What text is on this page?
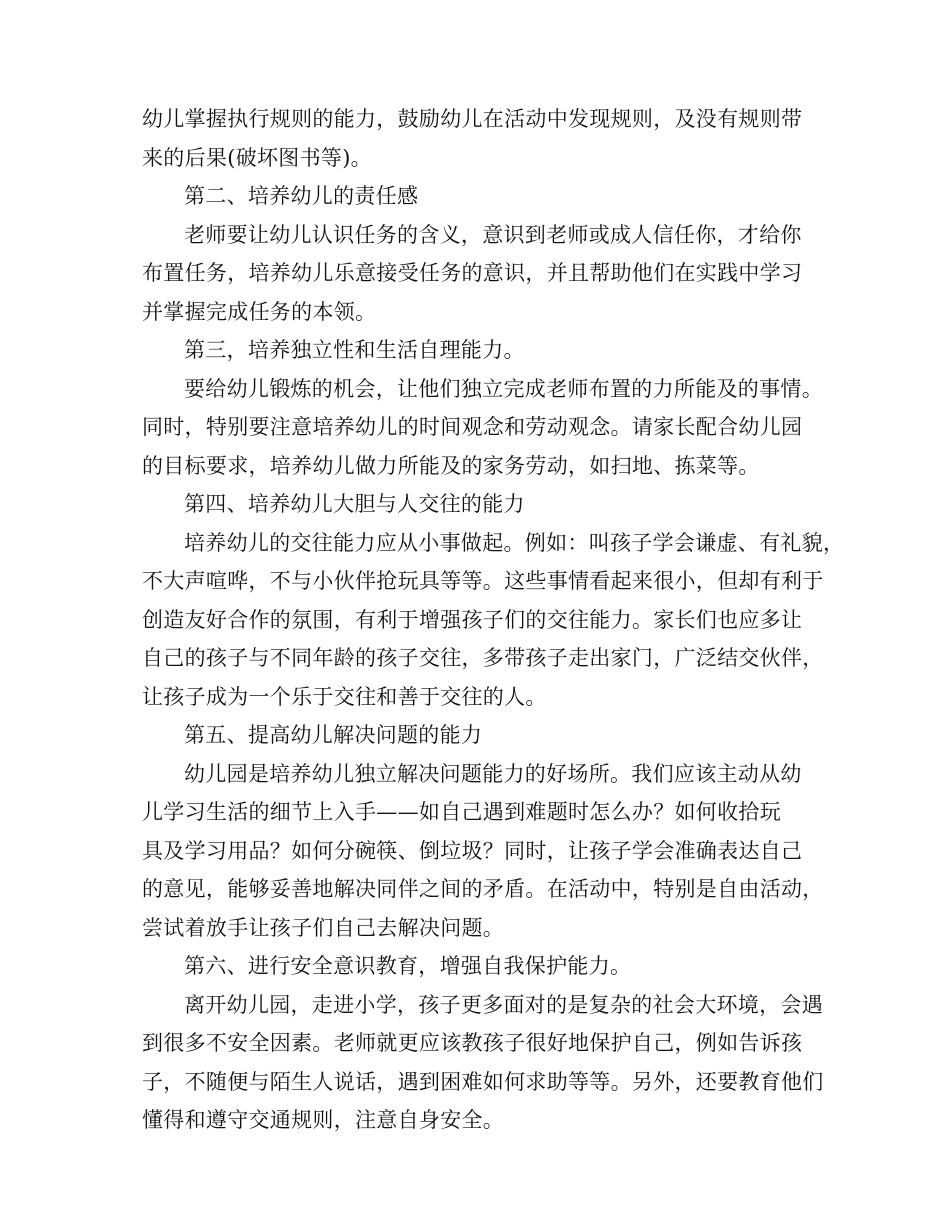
幼儿掌握执行规则的能力，鼓励幼儿在活动中发现规则，及没有规则带
来的后果(破坏图书等)。
第二、培养幼儿的责任感
老师要让幼儿认识任务的含义，意识到老师或成人信任你，才给你
布置任务，培养幼儿乐意接受任务的意识，并且帮助他们在实践中学习
并掌握完成任务的本领。
第三，培养独立性和生活自理能力。
要给幼儿锻炼的机会，让他们独立完成老师布置的力所能及的事情。
同时，特别要注意培养幼儿的时间观念和劳动观念。请家长配合幼儿园
的目标要求，培养幼儿做力所能及的家务劳动，如扫地、拣菜等。
第四、培养幼儿大胆与人交往的能力
培养幼儿的交往能力应从小事做起。例如：叫孩子学会谦虚、有礼貌，
不大声喧哗，不与小伙伴抢玩具等等。这些事情看起来很小，但却有利于
创造友好合作的氛围，有利于增强孩子们的交往能力。家长们也应多让
自己的孩子与不同年龄的孩子交往，多带孩子走出家门，广泛结交伙伴，
让孩子成为一个乐于交往和善于交往的人。
第五、提高幼儿解决问题的能力
幼儿园是培养幼儿独立解决问题能力的好场所。我们应该主动从幼
儿学习生活的细节上入手——如自己遇到难题时怎么办？如何收拾玩
具及学习用品？如何分碗筷、倒垃圾？同时，让孩子学会准确表达自己
的意见，能够妥善地解决同伴之间的矛盾。在活动中，特别是自由活动，
尝试着放手让孩子们自己去解决问题。
第六、进行安全意识教育，增强自我保护能力。
离开幼儿园，走进小学，孩子更多面对的是复杂的社会大环境，会遇
到很多不安全因素。老师就更应该教孩子很好地保护自己，例如告诉孩
子，不随便与陌生人说话，遇到困难如何求助等等。另外，还要教育他们
懂得和遵守交通规则，注意自身安全。
